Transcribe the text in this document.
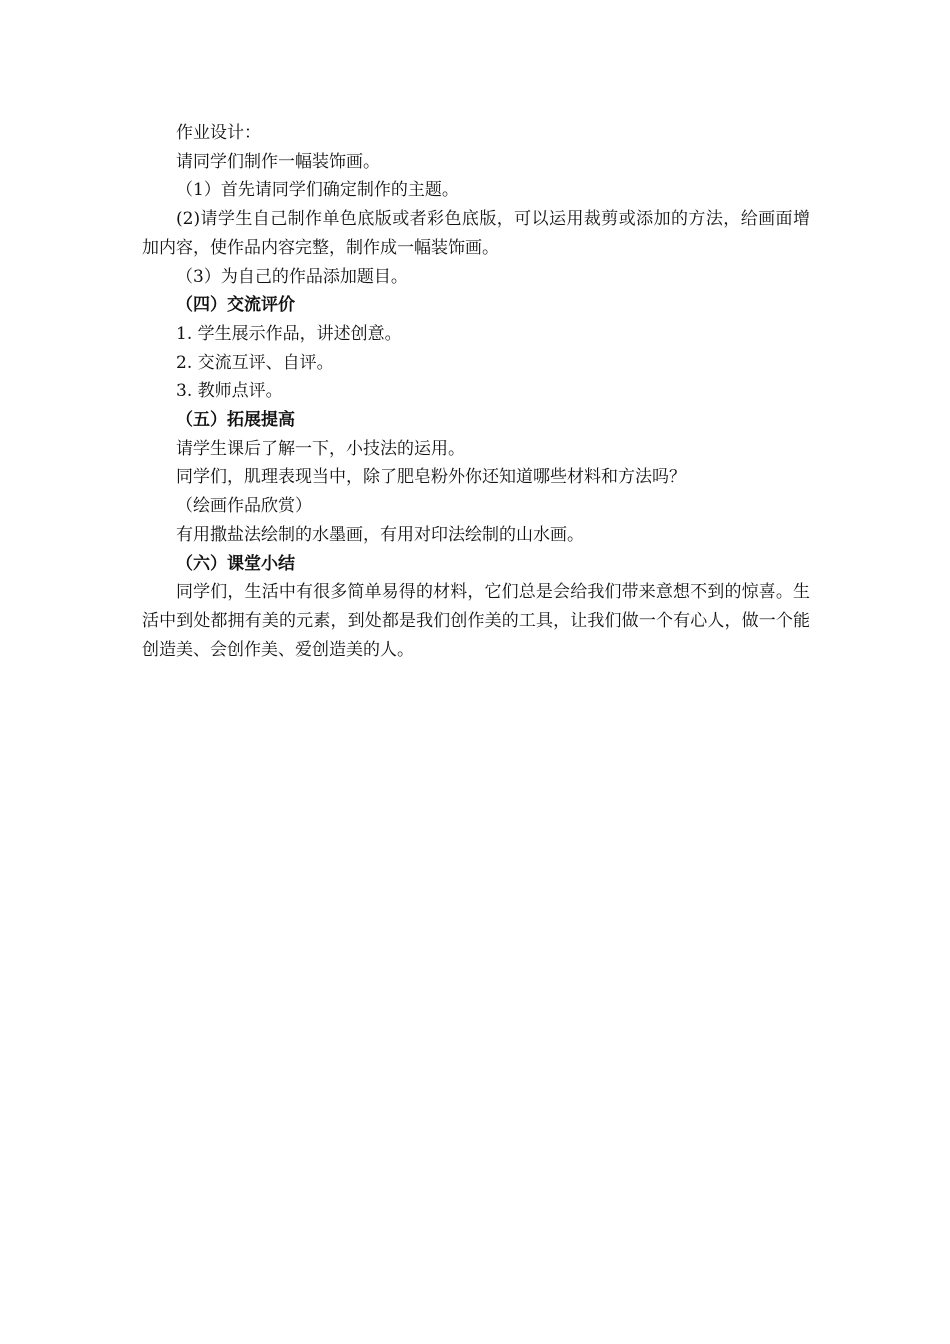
作业设计：

请同学们制作一幅装饰画。

（1）首先请同学们确定制作的主题。

(2)请学生自己制作单色底版或者彩色底版，可以运用裁剪或添加的方法，给画面增加内容，使作品内容完整，制作成一幅装饰画。

（3）为自己的作品添加题目。

（四）交流评价

1. 学生展示作品，讲述创意。

2. 交流互评、自评。

3. 教师点评。

（五）拓展提高

请学生课后了解一下，小技法的运用。

同学们，肌理表现当中，除了肥皂粉外你还知道哪些材料和方法吗？

（绘画作品欣赏）

有用撒盐法绘制的水墨画，有用对印法绘制的山水画。

（六）课堂小结

同学们，生活中有很多简单易得的材料，它们总是会给我们带来意想不到的惊喜。生活中到处都拥有美的元素，到处都是我们创作美的工具，让我们做一个有心人，做一个能创造美、会创作美、爱创造美的人。
